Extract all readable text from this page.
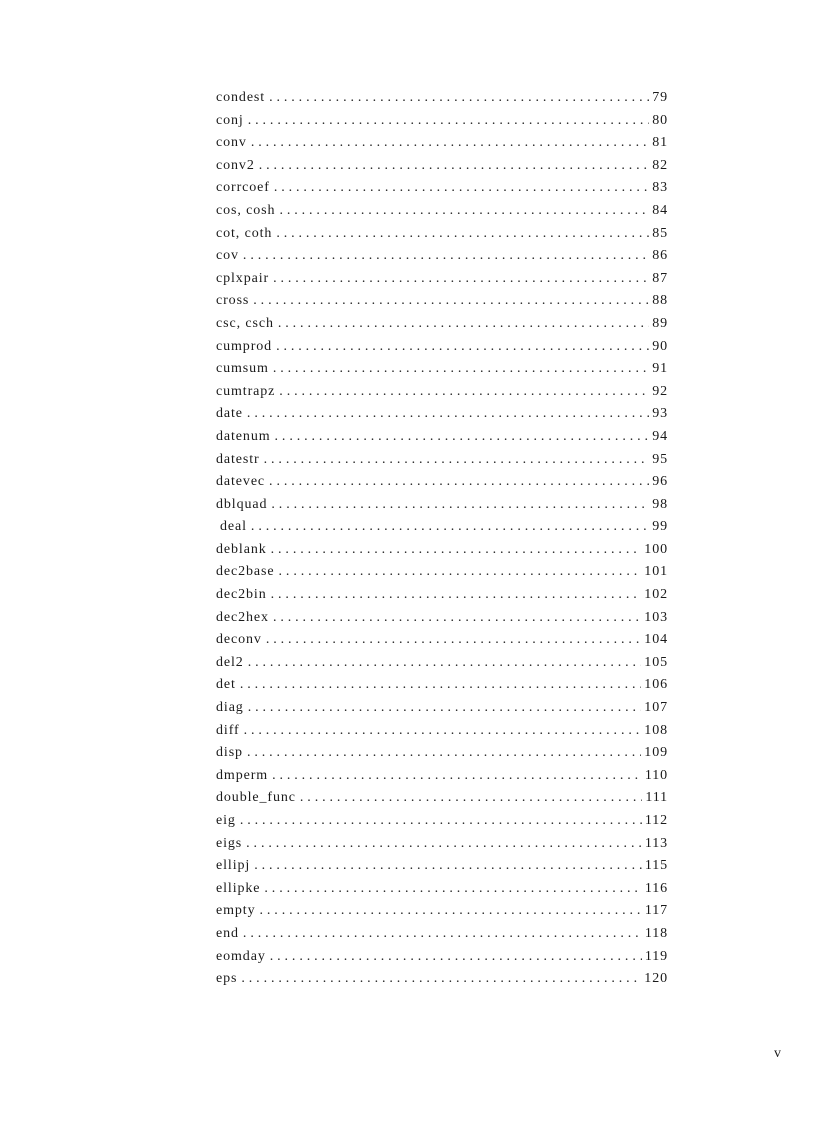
condest . . .	79
conj . . .	80
conv . . .	81
conv2 . . .	82
corrcoef . . .	83
cos, cosh . . .	84
cot, coth . . .	85
cov . . .	86
cplxpair . . .	87
cross . . .	88
csc, csch . . .	89
cumprod . . .	90
cumsum . . .	91
cumtrapz . . .	92
date . . .	93
datenum . . .	94
datestr . . .	95
datevec . . .	96
dblquad . . .	98
deal . . .	99
deblank . . .	100
dec2base . . .	101
dec2bin . . .	102
dec2hex . . .	103
deconv . . .	104
del2 . . .	105
det . . .	106
diag . . .	107
diff . . .	108
disp . . .	109
dmperm . . .	110
double_func . . .	111
eig . . .	112
eigs . . .	113
ellipj . . .	115
ellipke . . .	116
empty . . .	117
end . . .	118
eomday . . .	119
eps . . .	120
v
